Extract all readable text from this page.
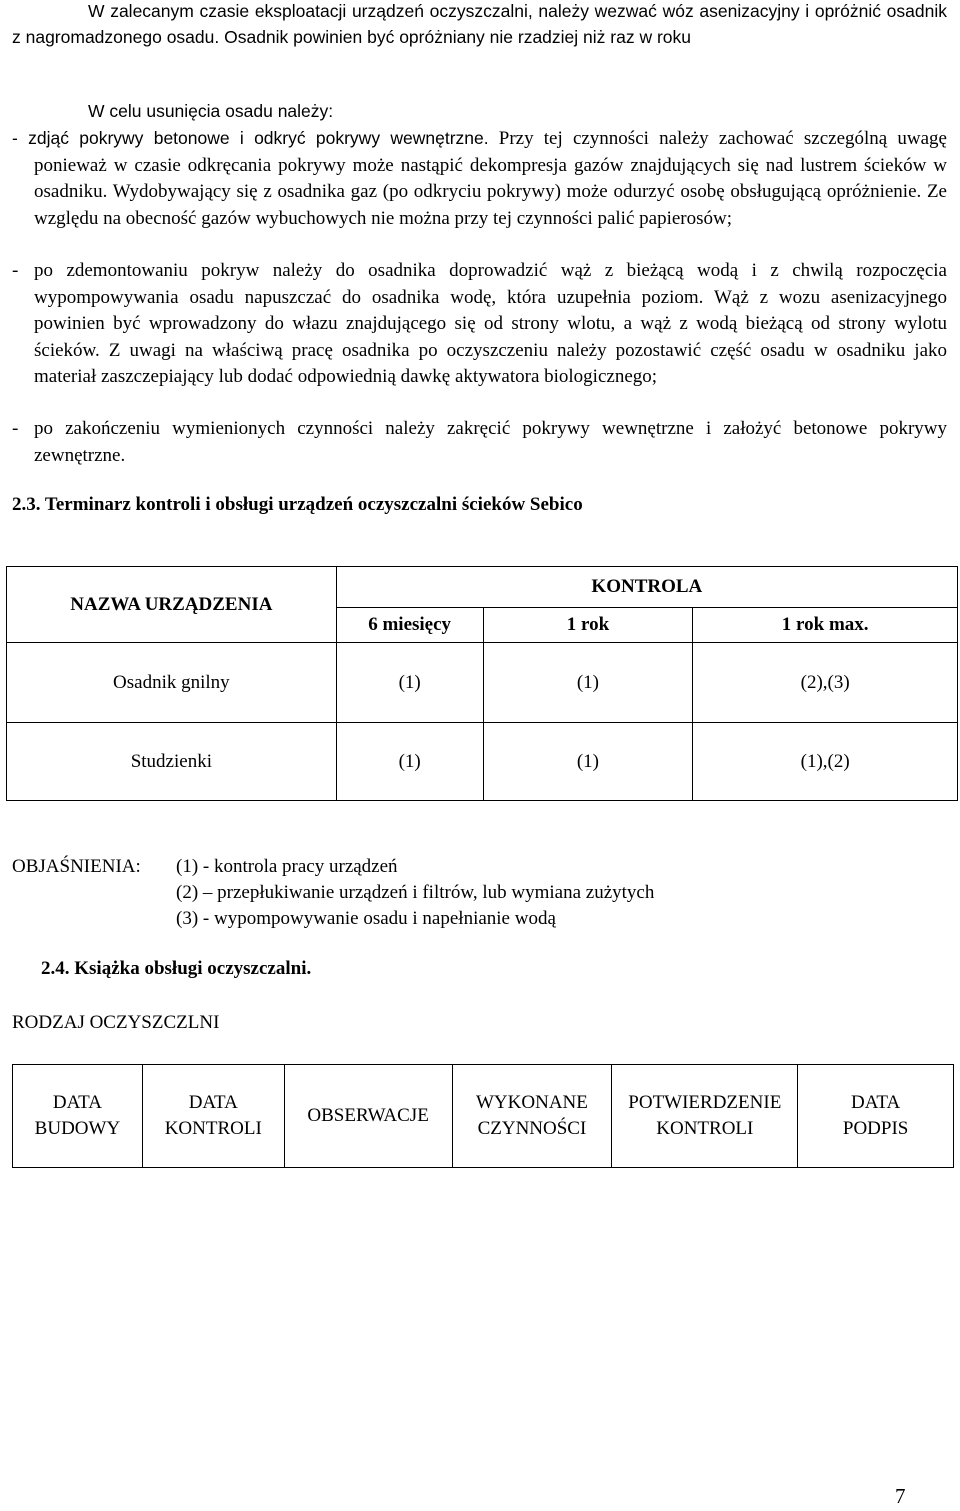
W zalecanym czasie eksploatacji urządzeń oczyszczalni, należy wezwać wóz asenizacyjny i opróżnić osadnik z nagromadzonego osadu. Osadnik powinien być opróżniany nie rzadziej niż raz w roku
W celu usunięcia osadu należy:
- zdjąć pokrywy betonowe i odkryć pokrywy wewnętrzne. Przy tej czynności należy zachować szczególną uwagę ponieważ w czasie odkręcania pokrywy może nastąpić dekompresja gazów znajdujących się nad lustrem ścieków w osadniku. Wydobywający się z osadnika gaz (po odkryciu pokrywy) może odurzyć osobę obsługującą opróżnienie. Ze względu na obecność gazów wybuchowych nie można przy tej czynności palić papierosów;
- po zdemontowaniu pokryw należy do osadnika doprowadzić wąż z bieżącą wodą i z chwilą rozpoczęcia wypompowywania osadu napuszczać do osadnika wodę, która uzupełnia poziom. Wąż z wozu asenizacyjnego powinien być wprowadzony do włazu znajdującego się od strony wlotu, a wąż z wodą bieżącą od strony wylotu ścieków. Z uwagi na właściwą pracę osadnika po oczyszczeniu należy pozostawić część osadu w osadniku jako materiał zaszczepiający lub dodać odpowiednią dawkę aktywatora biologicznego;
- po zakończeniu wymienionych czynności należy zakręcić pokrywy wewnętrzne i założyć betonowe pokrywy zewnętrzne.
2.3. Terminarz kontroli i obsługi urządzeń oczyszczalni ścieków Sebico
NAZWA URZĄDZENIA	KONTROLA		
	6 miesięcy	1 rok	1 rok max.
Osadnik gnilny	(1)	(1)	(2),(3)
Studzienki	(1)	(1)	(1),(2)
OBJAŚNIENIA: (1) - kontrola pracy urządzeń
(2) – przepłukiwanie urządzeń i filtrów, lub wymiana zużytych
(3) - wypompowywanie osadu i napełnianie wodą
2.4. Książka obsługi oczyszczalni.
RODZAJ OCZYSZCZLNI
DATA
BUDOWY

DATA
KONTROLI

OBSERWACJE

WYKONANE
CZYNNOŚCI

POTWIERDZENIE
KONTROLI

DATA
PODPIS
7
